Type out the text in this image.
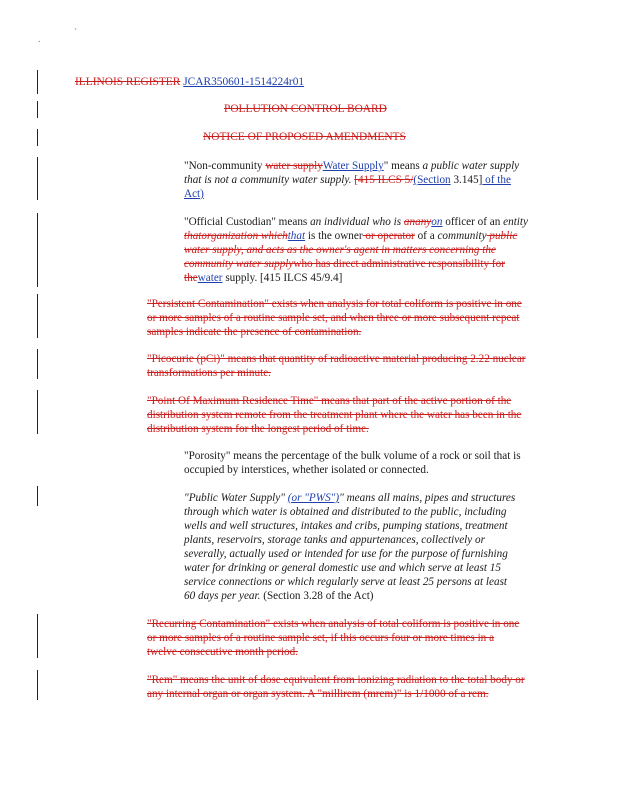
.
`
ILLINOIS REGISTER JCAR350601-1514224r01
POLLUTION CONTROL BOARD
NOTICE OF PROPOSED AMENDMENTS
"Non-community water supplyWater Supply" means a public water supply
that is not a community water supply. [415 ILCS 5/(Section 3.145] of the
Act)
"Official Custodian" means an individual who is ananyon officer of an entity
thatorganization whichthat is the owner or operator of a community public
water supply, and acts as the owner's agent in matters concerning the
community water supplywho has direct administrative responsibility for
thewater supply. [415 ILCS 45/9.4]
"Persistent Contamination" exists when analysis for total coliform is positive in one
or more samples of a routine sample set, and when three or more subsequent repeat
samples indicate the presence of contamination.
"Picocurie (pCi)" means that quantity of radioactive material producing 2.22 nuclear
transformations per minute.
"Point Of Maximum Residence Time" means that part of the active portion of the
distribution system remote from the treatment plant where the water has been in the
distribution system for the longest period of time.
"Porosity" means the percentage of the bulk volume of a rock or soil that is
occupied by interstices, whether isolated or connected.
"Public Water Supply" (or "PWS")" means all mains, pipes and structures
through which water is obtained and distributed to the public, including
wells and well structures, intakes and cribs, pumping stations, treatment
plants, reservoirs, storage tanks and appurtenances, collectively or
severally, actually used or intended for use for the purpose of furnishing
water for drinking or general domestic use and which serve at least 15
service connections or which regularly serve at least 25 persons at least
60 days per year. (Section 3.28 of the Act)
"Recurring Contamination" exists when analysis of total coliform is positive in one
or more samples of a routine sample set, if this occurs four or more times in a
twelve consecutive month period.
"Rem" means the unit of dose equivalent from ionizing radiation to the total body or
any internal organ or organ system. A "millirem (mrem)" is 1/1000 of a rem.
